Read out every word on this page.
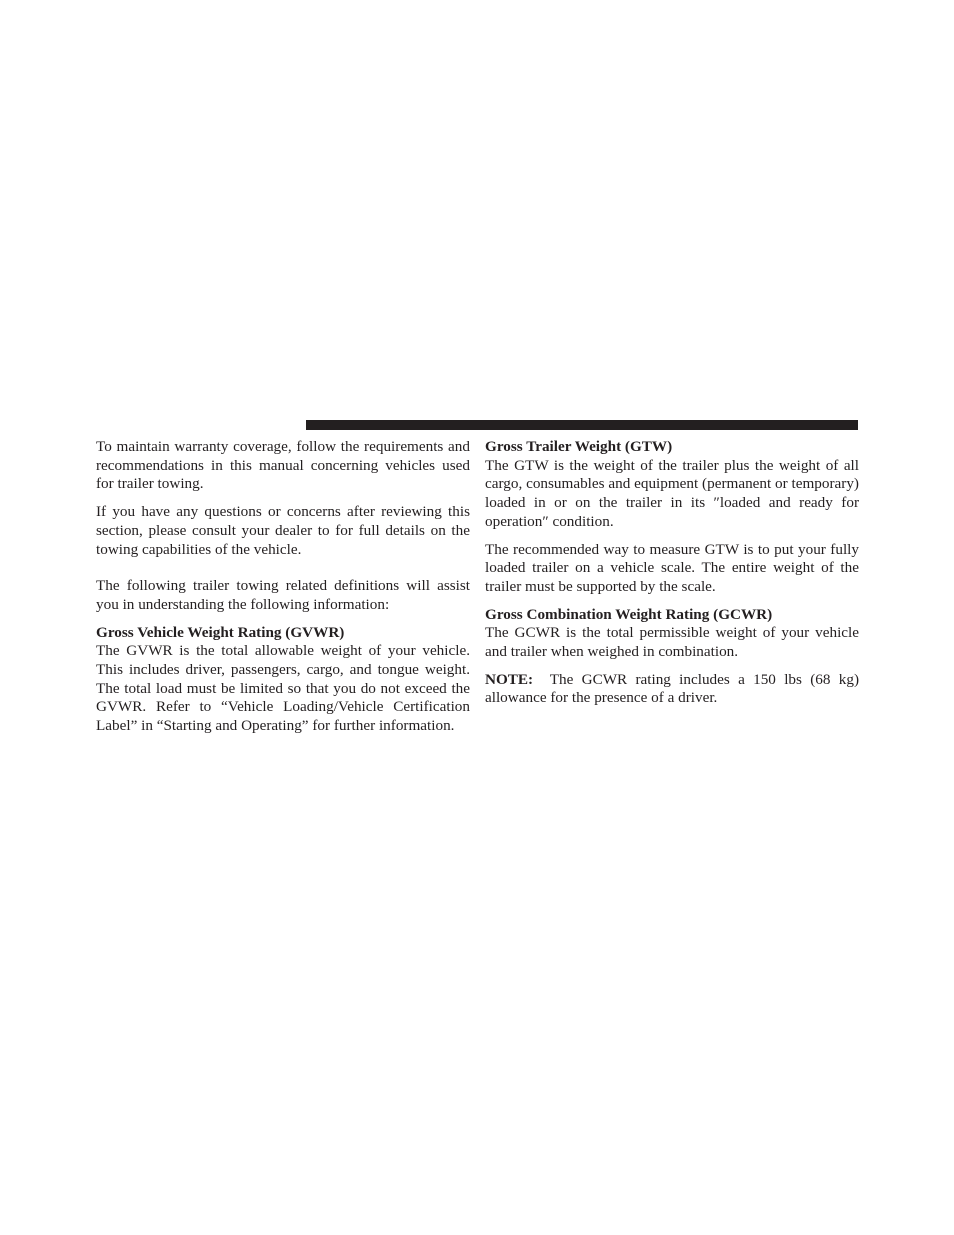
To maintain warranty coverage, follow the requirements and recommendations in this manual concerning vehicles used for trailer towing.

If you have any questions or concerns after reviewing this section, please consult your dealer to for full details on the towing capabilities of the vehicle.

The following trailer towing related definitions will assist you in understanding the following information:

Gross Vehicle Weight Rating (GVWR)

The GVWR is the total allowable weight of your vehicle. This includes driver, passengers, cargo, and tongue weight. The total load must be limited so that you do not exceed the GVWR. Refer to “Vehicle Loading/Vehicle Certification Label” in “Starting and Operating” for further information.

Gross Trailer Weight (GTW)

The GTW is the weight of the trailer plus the weight of all cargo, consumables and equipment (permanent or temporary) loaded in or on the trailer in its ″loaded and ready for operation″ condition.

The recommended way to measure GTW is to put your fully loaded trailer on a vehicle scale. The entire weight of the trailer must be supported by the scale.

Gross Combination Weight Rating (GCWR)

The GCWR is the total permissible weight of your vehicle and trailer when weighed in combination.

NOTE: The GCWR rating includes a 150 lbs (68 kg) allowance for the presence of a driver.
